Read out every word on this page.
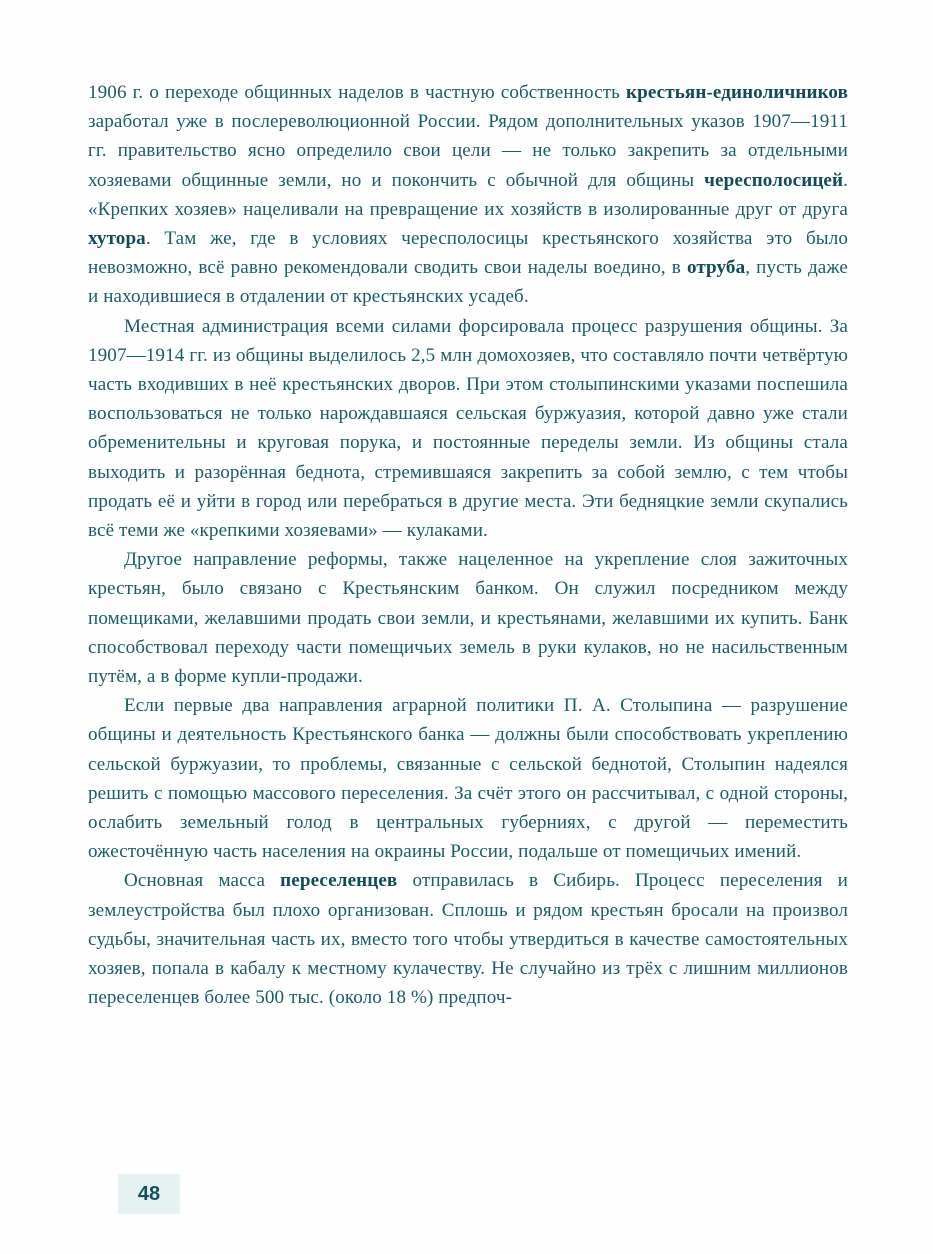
1906 г. о переходе общинных наделов в частную собственность крестьян-единоличников заработал уже в послереволюционной России. Рядом дополнительных указов 1907—1911 гг. правительство ясно определило свои цели — не только закрепить за отдельными хозяевами общинные земли, но и покончить с обычной для общины чересполосицей. «Крепких хозяев» нацеливали на превращение их хозяйств в изолированные друг от друга хутора. Там же, где в условиях чересполосицы крестьянского хозяйства это было невозможно, всё равно рекомендовали сводить свои наделы воедино, в отруба, пусть даже и находившиеся в отдалении от крестьянских усадеб.

Местная администрация всеми силами форсировала процесс разрушения общины. За 1907—1914 гг. из общины выделилось 2,5 млн домохозяев, что составляло почти четвёртую часть входивших в неё крестьянских дворов. При этом столыпинскими указами поспешила воспользоваться не только нарождавшаяся сельская буржуазия, которой давно уже стали обременительны и круговая порука, и постоянные переделы земли. Из общины стала выходить и разорённая беднота, стремившаяся закрепить за собой землю, с тем чтобы продать её и уйти в город или перебраться в другие места. Эти бедняцкие земли скупались всё теми же «крепкими хозяевами» — кулаками.

Другое направление реформы, также нацеленное на укрепление слоя зажиточных крестьян, было связано с Крестьянским банком. Он служил посредником между помещиками, желавшими продать свои земли, и крестьянами, желавшими их купить. Банк способствовал переходу части помещичьих земель в руки кулаков, но не насильственным путём, а в форме купли-продажи.

Если первые два направления аграрной политики П. А. Столыпина — разрушение общины и деятельность Крестьянского банка — должны были способствовать укреплению сельской буржуазии, то проблемы, связанные с сельской беднотой, Столыпин надеялся решить с помощью массового переселения. За счёт этого он рассчитывал, с одной стороны, ослабить земельный голод в центральных губерниях, с другой — переместить ожесточённую часть населения на окраины России, подальше от помещичьих имений.

Основная масса переселенцев отправилась в Сибирь. Процесс переселения и землеустройства был плохо организован. Сплошь и рядом крестьян бросали на произвол судьбы, значительная часть их, вместо того чтобы утвердиться в качестве самостоятельных хозяев, попала в кабалу к местному кулачеству. Не случайно из трёх с лишним миллионов переселенцев более 500 тыс. (около 18 %) предпоч-

48
